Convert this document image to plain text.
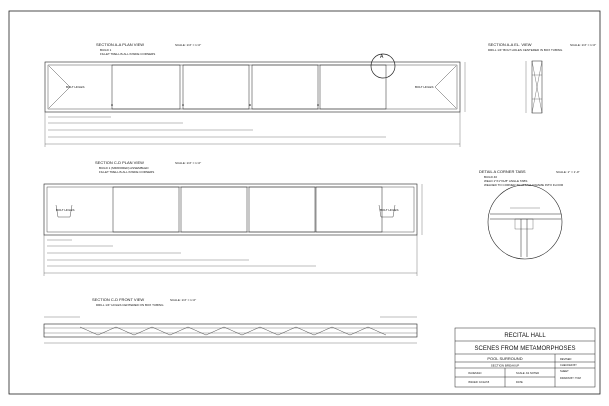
SECTION A-A PLAN VIEW	SCALE: 1/4" = 1'-0"
BUILD 1
FILLET TRELLIS ALL INSIDE CORNERS
BOLT HOLES	BOLT HOLES
A
SECTION A-A EL. VIEW	SCALE: 1/4" = 1'-0"
DRILL 1/4" BOLT HOLES CENTERED IN BOX TUBING
SECTION C-D PLAN VIEW	SCALE: 1/4" = 1'-0"
BUILD 1 (MIRRORED) ASSEMBLED
FILLET TRELLIS ALL INSIDE CORNERS
BOLT HOLES	BOLT HOLES
DETAIL A CORNER TABS	SCALE: 1" = 1'-0"
BUILD 40
WELD 1"X1"X1/8" ANGLE TABS
WELDED TO CORNER TO ATTACH FRAME INTO FLOOR
SECTION C-D FRONT VIEW	SCALE: 1/4" = 1'-0"
DRILL 1/4" HOLES CENTERED ON BOX TUBING
RECITAL HALL
SCENES FROM METAMORPHOSES
POOL SURROUND
SECTION BREAKUP
IN-DESIGN	SCALE: AS NOTED
ISSUED: 10/12/15	DATE
REVISED
CHECKED BY
SHEET
DRAWN BY: TOM
